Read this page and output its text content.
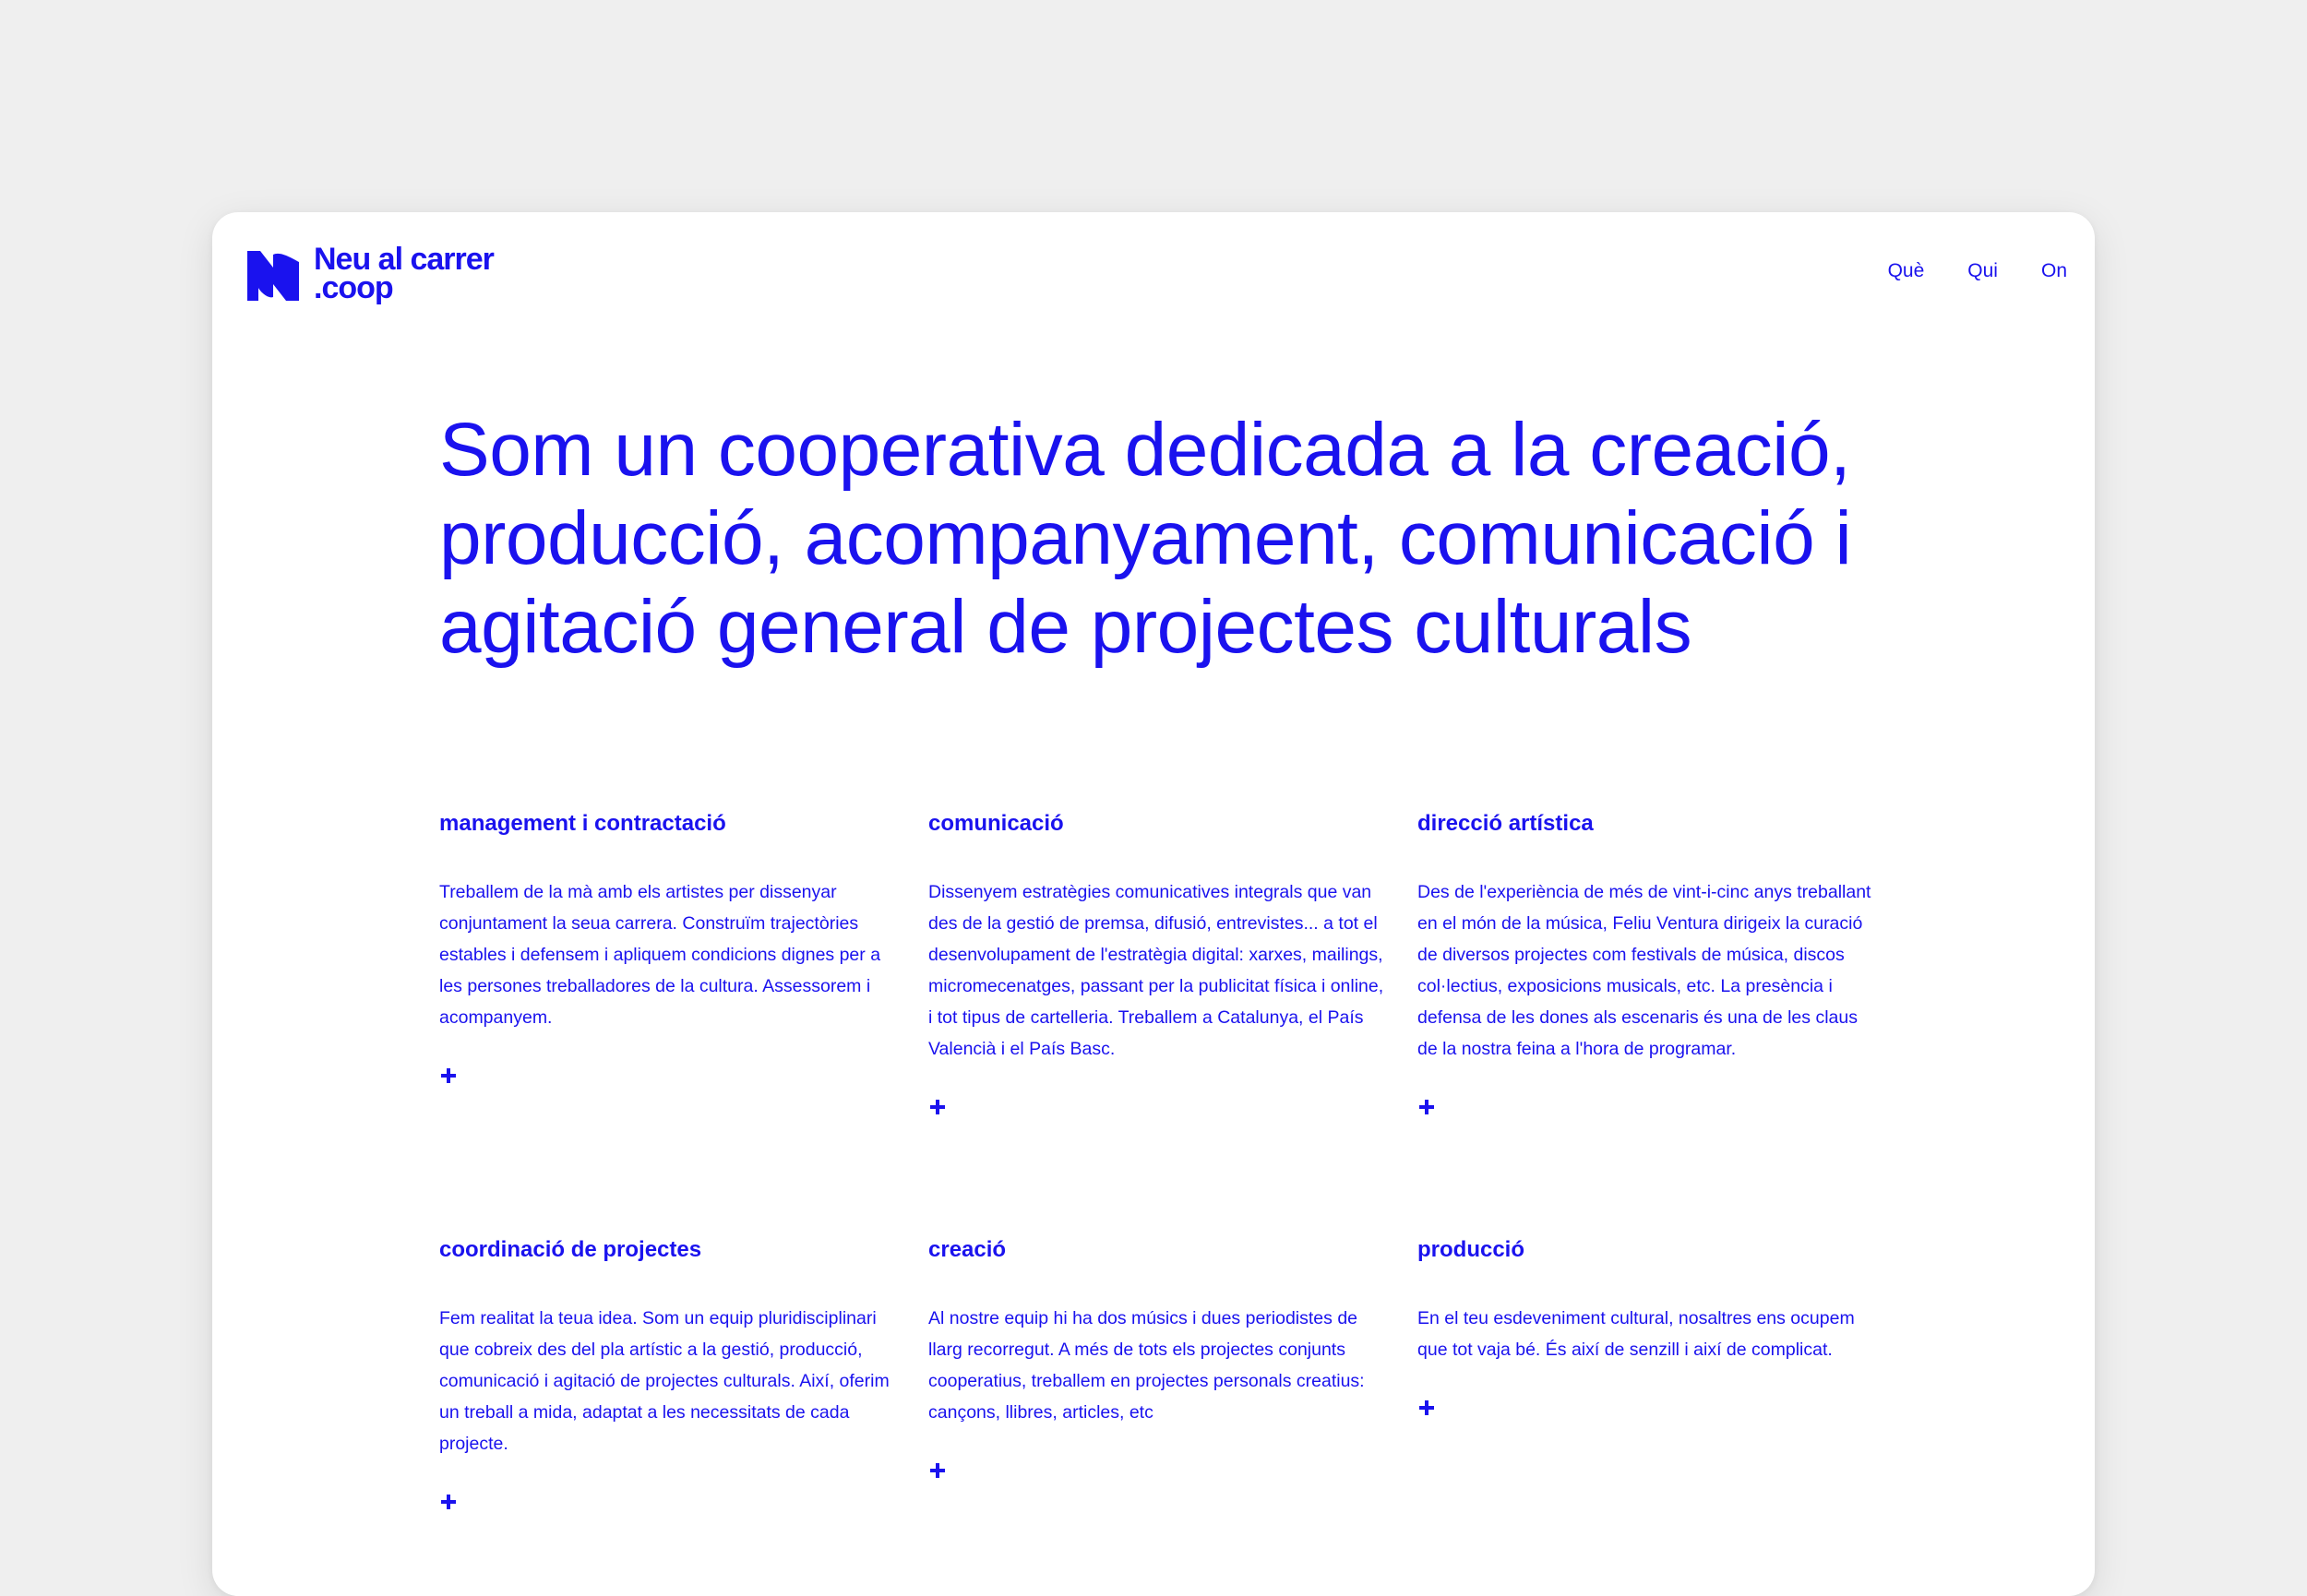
Neu al carrer
.coop	Què Qui On
Som un cooperativa dedicada a la creació, producció, acompanyament, comunicació i agitació general de projectes culturals
management i contractació

Treballem de la mà amb els artistes per dissenyar conjuntament la seua carrera. Construïm trajectòries estables i defensem i apliquem condicions dignes per a les persones treballadores de la cultura. Assessorem i acompanyem.

comunicació

Dissenyem estratègies comunicatives integrals que van des de la gestió de premsa, difusió, entrevistes... a tot el desenvolupament de l'estratègia digital: xarxes, mailings, micromecenatges, passant per la publicitat física i online, i tot tipus de cartelleria. Treballem a Catalunya, el País Valencià i el País Basc.

direcció artística

Des de l'experiència de més de vint-i-cinc anys treballant en el món de la música, Feliu Ventura dirigeix la curació de diversos projectes com festivals de música, discos col·lectius, exposicions musicals, etc. La presència i defensa de les dones als escenaris és una de les claus de la nostra feina a l'hora de programar.

coordinació de projectes

Fem realitat la teua idea. Som un equip pluridisciplinari que cobreix des del pla artístic a la gestió, producció, comunicació i agitació de projectes culturals. Així, oferim un treball a mida, adaptat a les necessitats de cada projecte.

creació

Al nostre equip hi ha dos músics i dues periodistes de llarg recorregut. A més de tots els projectes conjunts cooperatius, treballem en projectes personals creatius: cançons, llibres, articles, etc

producció

En el teu esdeveniment cultural, nosaltres ens ocupem que tot vaja bé. És així de senzill i així de complicat.
